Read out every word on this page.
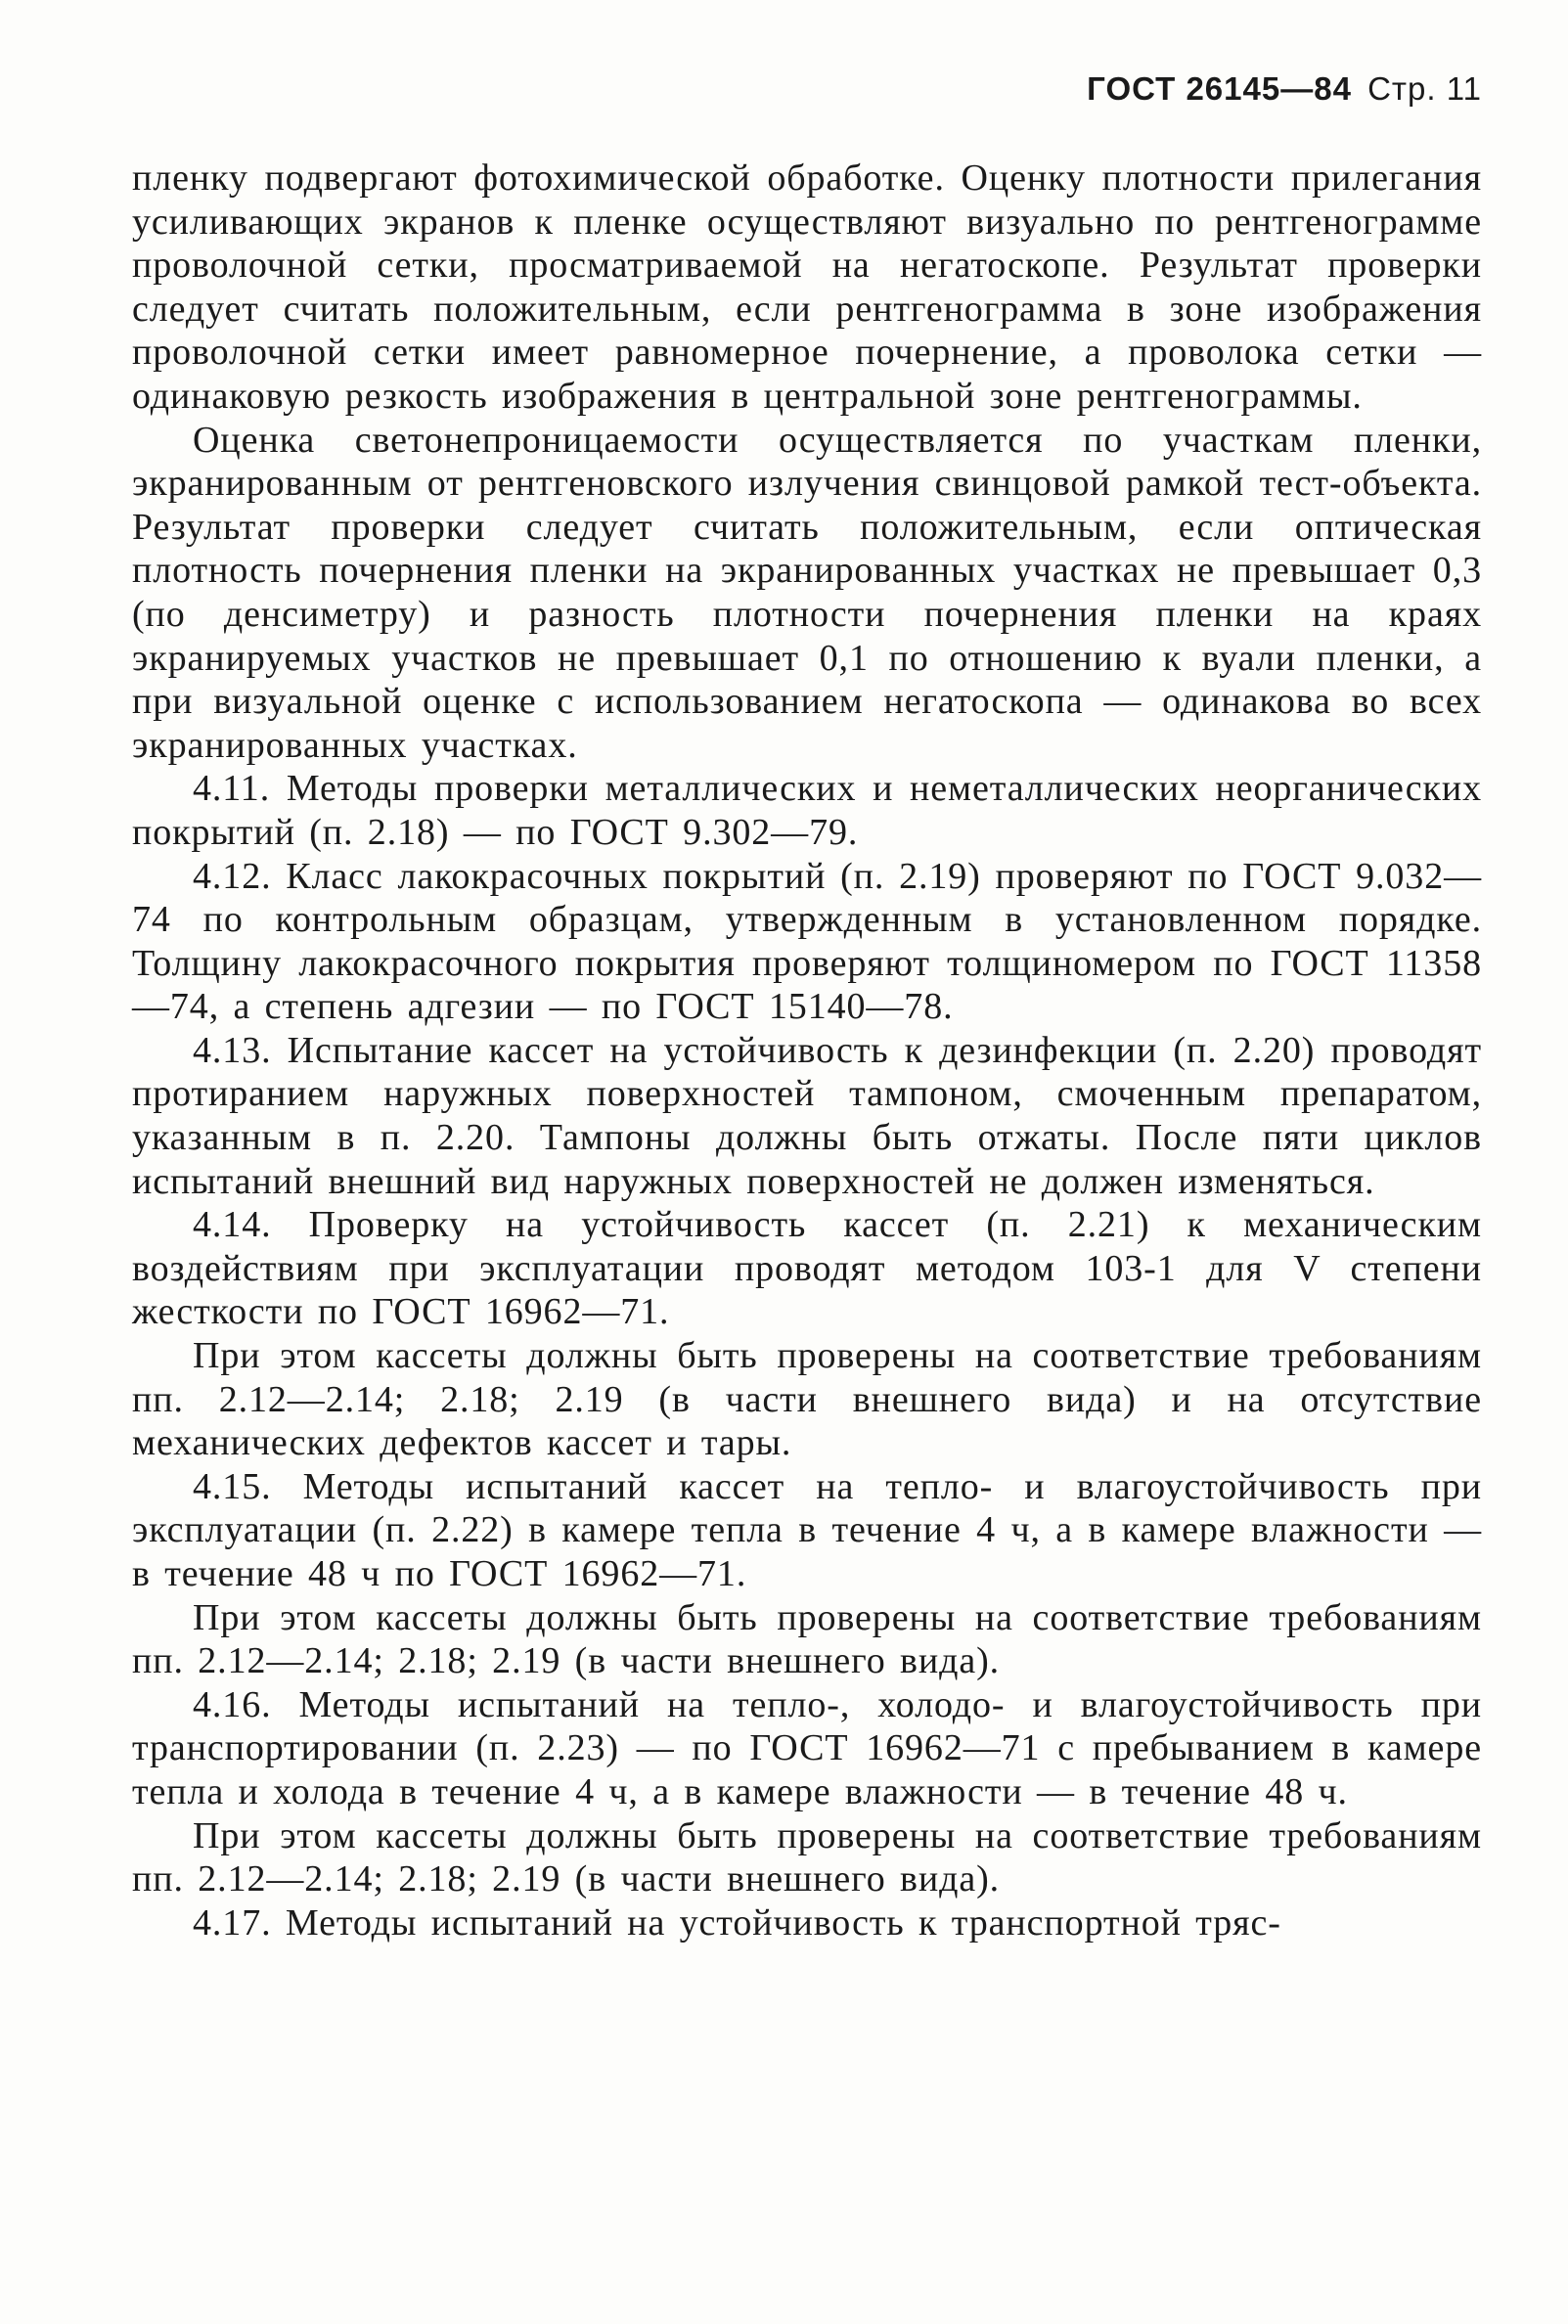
ГОСТ 26145—84 Стр. 11

пленку подвергают фотохимической обработке. Оценку плотности прилегания усиливающих экранов к пленке осуществляют визуально по рентгенограмме проволочной сетки, просматриваемой на негатоскопе. Результат проверки следует считать положительным, если рентгенограмма в зоне изображения проволочной сетки имеет равномерное почернение, а проволока сетки — одинаковую резкость изображения в центральной зоне рентгенограммы.

Оценка светонепроницаемости осуществляется по участкам пленки, экранированным от рентгеновского излучения свинцовой рамкой тест-объекта. Результат проверки следует считать положительным, если оптическая плотность почернения пленки на экранированных участках не превышает 0,3 (по денсиметру) и разность плотности почернения пленки на краях экранируемых участков не превышает 0,1 по отношению к вуали пленки, а при визуальной оценке с использованием негатоскопа — одинакова во всех экранированных участках.

4.11. Методы проверки металлических и неметаллических неорганических покрытий (п. 2.18) — по ГОСТ 9.302—79.

4.12. Класс лакокрасочных покрытий (п. 2.19) проверяют по ГОСТ 9.032—74 по контрольным образцам, утвержденным в установленном порядке. Толщину лакокрасочного покрытия проверяют толщиномером по ГОСТ 11358—74, а степень адгезии — по ГОСТ 15140—78.

4.13. Испытание кассет на устойчивость к дезинфекции (п. 2.20) проводят протиранием наружных поверхностей тампоном, смоченным препаратом, указанным в п. 2.20. Тампоны должны быть отжаты. После пяти циклов испытаний внешний вид наружных поверхностей не должен изменяться.

4.14. Проверку на устойчивость кассет (п. 2.21) к механическим воздействиям при эксплуатации проводят методом 103-1 для V степени жесткости по ГОСТ 16962—71.

При этом кассеты должны быть проверены на соответствие требованиям пп. 2.12—2.14; 2.18; 2.19 (в части внешнего вида) и на отсутствие механических дефектов кассет и тары.

4.15. Методы испытаний кассет на тепло- и влагоустойчивость при эксплуатации (п. 2.22) в камере тепла в течение 4 ч, а в камере влажности — в течение 48 ч по ГОСТ 16962—71.

При этом кассеты должны быть проверены на соответствие требованиям пп. 2.12—2.14; 2.18; 2.19 (в части внешнего вида).

4.16. Методы испытаний на тепло-, холодо- и влагоустойчивость при транспортировании (п. 2.23) — по ГОСТ 16962—71 с пребыванием в камере тепла и холода в течение 4 ч, а в камере влажности — в течение 48 ч.

При этом кассеты должны быть проверены на соответствие требованиям пп. 2.12—2.14; 2.18; 2.19 (в части внешнего вида).

4.17. Методы испытаний на устойчивость к транспортной тряс-
